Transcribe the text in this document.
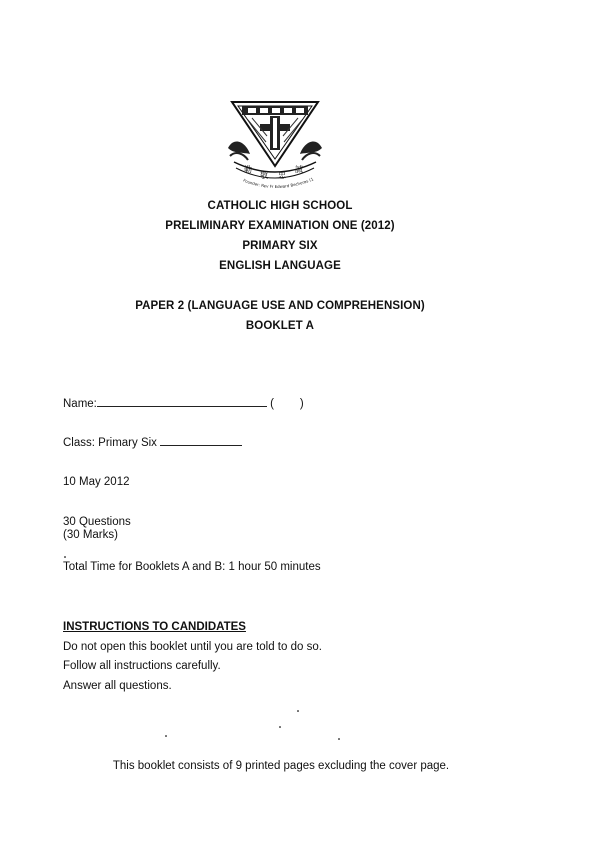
勤
敬 忠
誠
Founder: Rev Fr Edward Becheras (1
CATHOLIC HIGH SCHOOL
PRELIMINARY EXAMINATION ONE (2012)
PRIMARY SIX
ENGLISH LANGUAGE
PAPER 2 (LANGUAGE USE AND COMPREHENSION)
BOOKLET A
Name:	( )
Class: Primary Six
10 May 2012
30 Questions
(30 Marks)
Total Time for Booklets A and B: 1 hour 50 minutes
INSTRUCTIONS TO CANDIDATES
Do not open this booklet until you are told to do so.
Follow all instructions carefully.
Answer all questions.
This booklet consists of 9 printed pages excluding the cover page.
